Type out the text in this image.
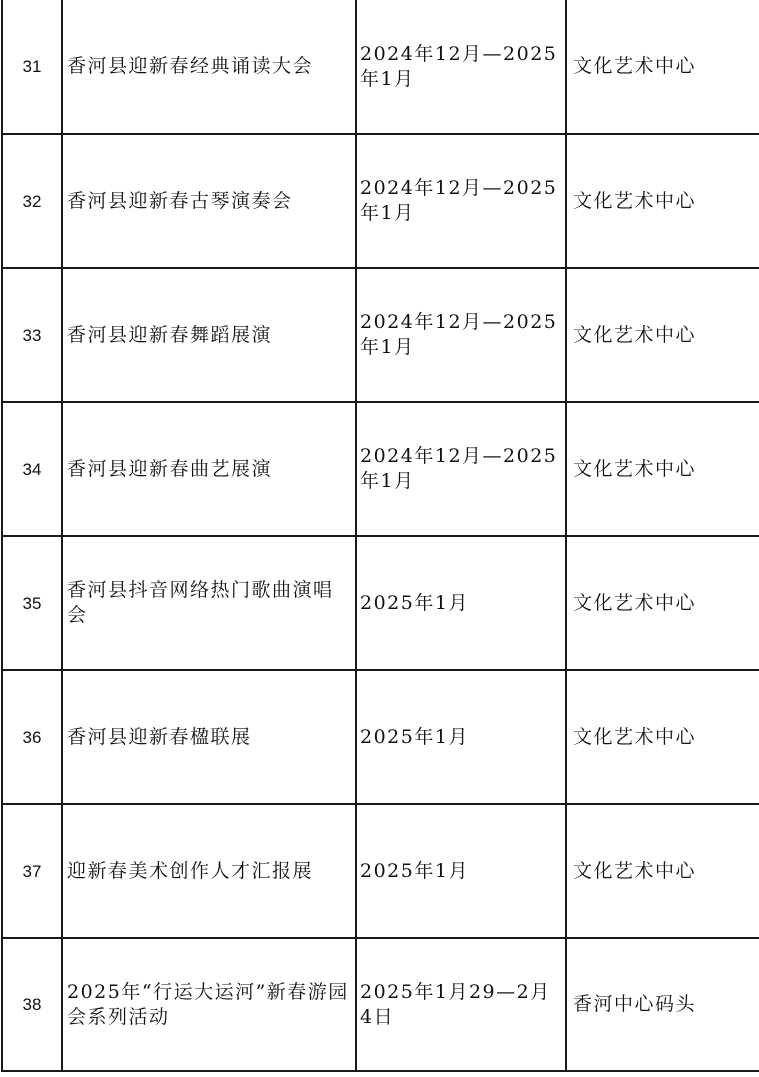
31	香河县迎新春经典诵读大会	2024年12月—2025年1月	文化艺术中心
32	香河县迎新春古琴演奏会	2024年12月—2025年1月	文化艺术中心
33	香河县迎新春舞蹈展演	2024年12月—2025年1月	文化艺术中心
34	香河县迎新春曲艺展演	2024年12月—2025年1月	文化艺术中心
35	香河县抖音网络热门歌曲演唱会	2025年1月	文化艺术中心
36	香河县迎新春楹联展	2025年1月	文化艺术中心
37	迎新春美术创作人才汇报展	2025年1月	文化艺术中心
38	2025年“行运大运河”新春游园会系列活动	2025年1月29—2月4日	香河中心码头
